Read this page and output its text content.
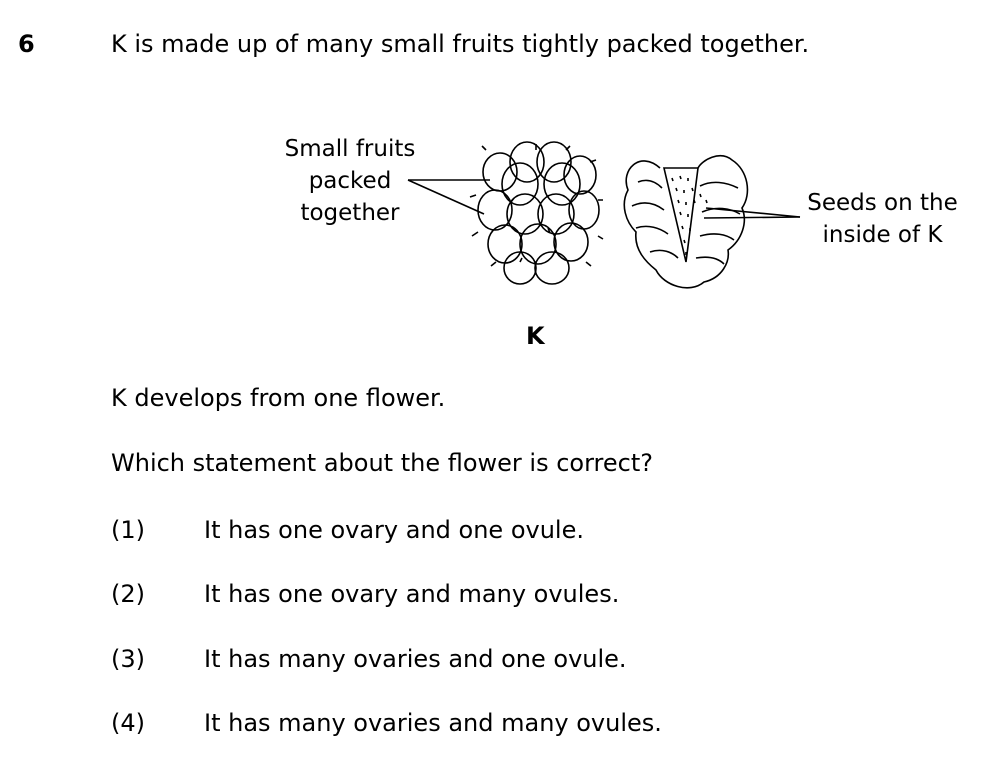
6	K is made up of many small fruits tightly packed together.
Small fruits
packed
together	Seeds on the
inside of K
K
K develops from one flower.
Which statement about the flower is correct?
(1) It has one ovary and one ovule.
(2) It has one ovary and many ovules.
(3) It has many ovaries and one ovule.
(4) It has many ovaries and many ovules.
